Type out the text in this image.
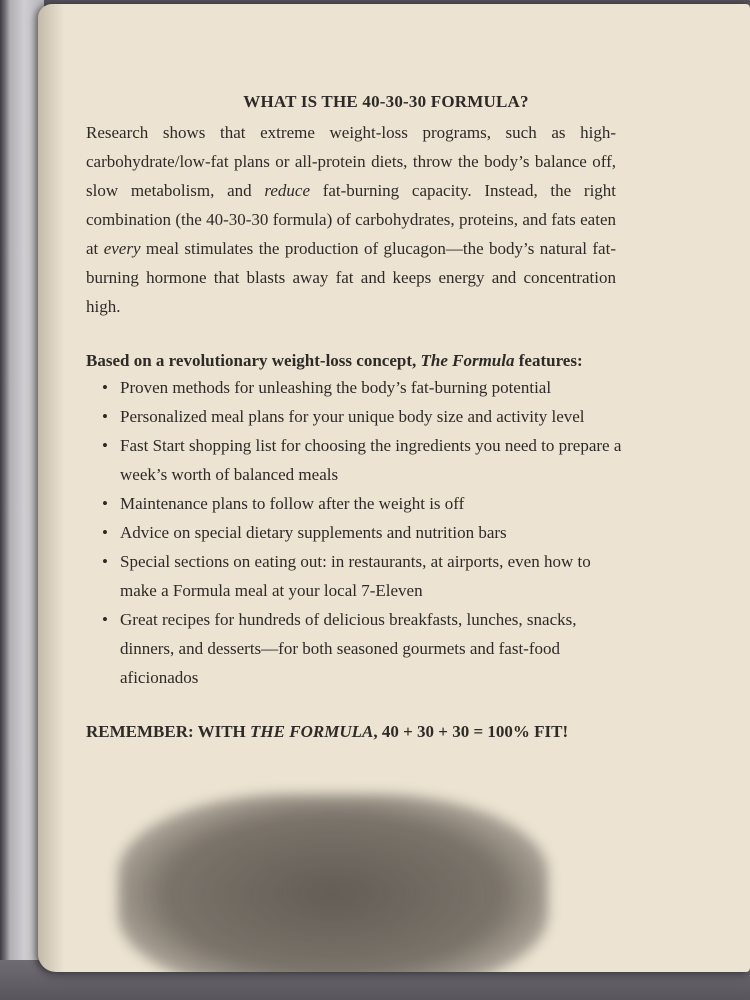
WHAT IS THE 40-30-30 FORMULA?

Research shows that extreme weight-loss programs, such as high-carbohydrate/low-fat plans or all-protein diets, throw the body’s balance off, slow metabolism, and reduce fat-burning capacity. Instead, the right combination (the 40-30-30 formula) of carbohydrates, proteins, and fats eaten at every meal stimulates the production of glucagon—the body’s natural fat-burning hormone that blasts away fat and keeps energy and concentration high.

Based on a revolutionary weight-loss concept, The Formula features:

• Proven methods for unleashing the body’s fat-burning potential
• Personalized meal plans for your unique body size and activity level
• Fast Start shopping list for choosing the ingredients you need to prepare a week’s worth of balanced meals
• Maintenance plans to follow after the weight is off
• Advice on special dietary supplements and nutrition bars
• Special sections on eating out: in restaurants, at airports, even how to make a Formula meal at your local 7-Eleven
• Great recipes for hundreds of delicious breakfasts, lunches, snacks, dinners, and desserts—for both seasoned gourmets and fast-food aficionados

REMEMBER: WITH THE FORMULA, 40 + 30 + 30 = 100% FIT!
